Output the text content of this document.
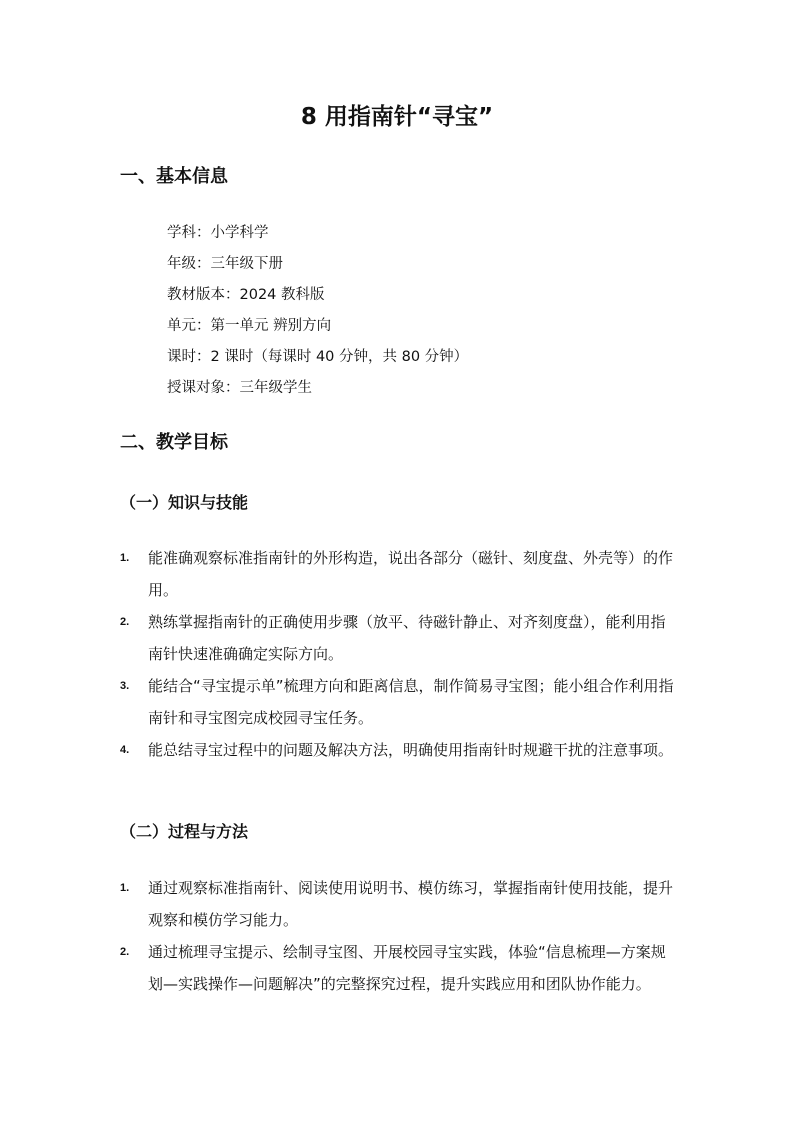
8 用指南针“寻宝”
一、基本信息
学科：小学科学
年级：三年级下册
教材版本：2024 教科版
单元：第一单元 辨别方向
课时：2 课时（每课时 40 分钟，共 80 分钟）
授课对象：三年级学生
二、教学目标
（一）知识与技能
1. 能准确观察标准指南针的外形构造，说出各部分（磁针、刻度盘、外壳等）的作用。
2. 熟练掌握指南针的正确使用步骤（放平、待磁针静止、对齐刻度盘），能利用指南针快速准确确定实际方向。
3. 能结合“寻宝提示单”梳理方向和距离信息，制作简易寻宝图；能小组合作利用指南针和寻宝图完成校园寻宝任务。
4. 能总结寻宝过程中的问题及解决方法，明确使用指南针时规避干扰的注意事项。
（二）过程与方法
1. 通过观察标准指南针、阅读使用说明书、模仿练习，掌握指南针使用技能，提升观察和模仿学习能力。
2. 通过梳理寻宝提示、绘制寻宝图、开展校园寻宝实践，体验“信息梳理—方案规划—实践操作—问题解决”的完整探究过程，提升实践应用和团队协作能力。
